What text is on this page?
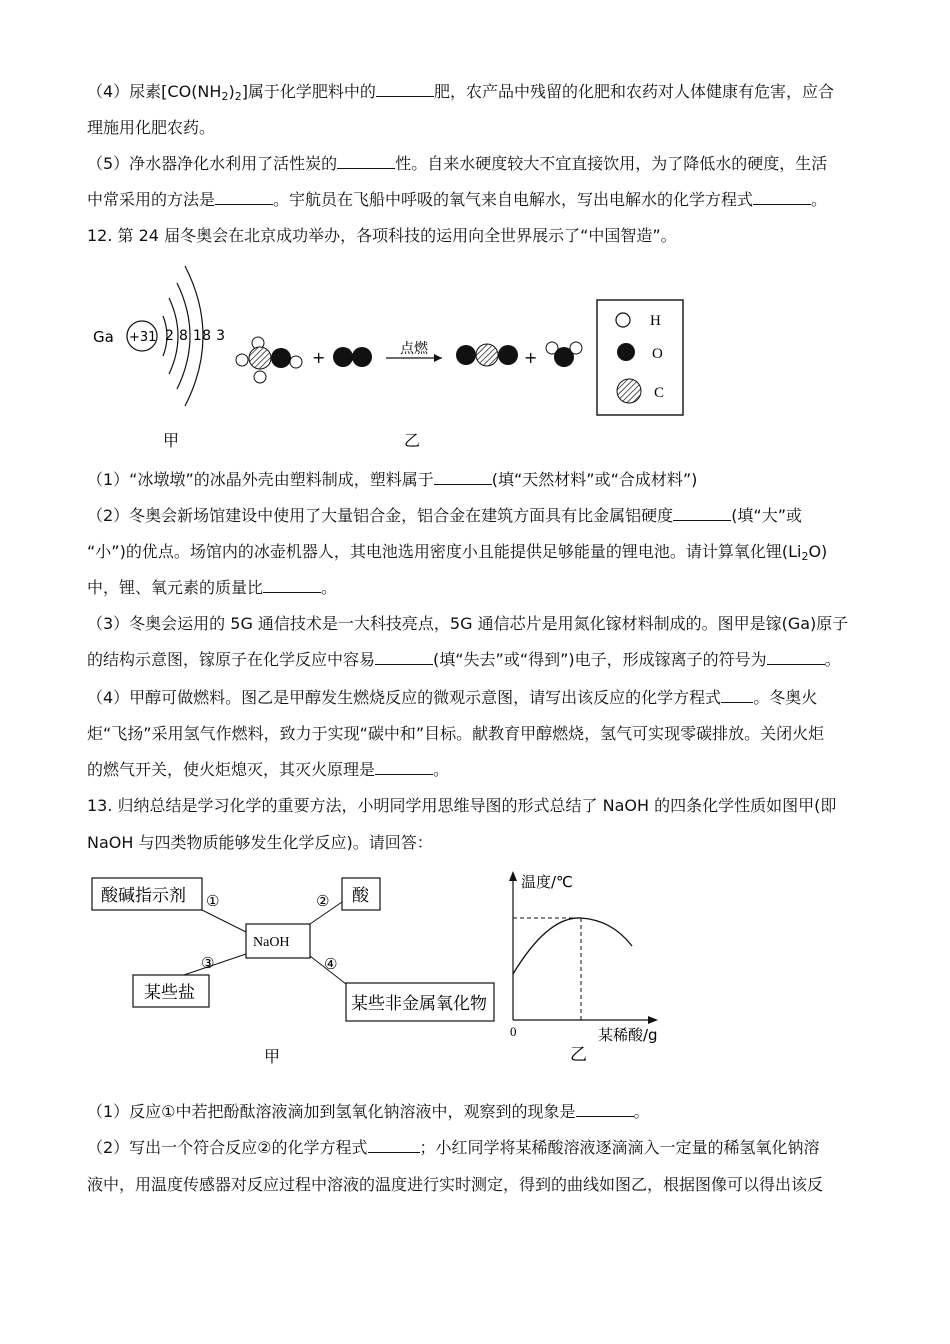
（4）尿素$[CO(NH_2)_2]$属于化学肥料中的	肥，农产品中残留的化肥和农药对人体健康有危害，应合
理施用化肥农药。
（5）净水器净化水利用了活性炭的	性。自来水硬度较大不宜直接饮用，为了降低水的硬度，生活
中常采用的方法是	。宇航员在飞船中呼吸的氧气来自电解水，写出电解水的化学方程式	。
12. 第 24 届冬奥会在北京成功举办，各项科技的运用向全世界展示了“中国智造”。
Ga +31 2 8 18 3
甲
+	点燃	+
H
O
C
乙
（1）“冰墩墩”的冰晶外壳由塑料制成，塑料属于	(填“天然材料”或“合成材料”)
（2）冬奥会新场馆建设中使用了大量铝合金，铝合金在建筑方面具有比金属铝硬度	(填“大”或
“小”)的优点。场馆内的冰壶机器人，其电池选用密度小且能提供足够能量的锂电池。请计算氧化锂$(Li_2O)$
中，锂、氧元素的质量比	。
（3）冬奥会运用的 5G 通信技术是一大科技亮点，5G 通信芯片是用氮化镓材料制成的。图甲是镓(Ga)原子
的结构示意图，镓原子在化学反应中容易	(填“失去”或“得到”)电子，形成镓离子的符号为	。
（4）甲醇可做燃料。图乙是甲醇发生燃烧反应的微观示意图，请写出该反应的化学方程式 。冬奥火
炬“飞扬”采用氢气作燃料，致力于实现“碳中和”目标。献教育甲醇燃烧，氢气可实现零碳排放。关闭火炬
的燃气开关，使火炬熄灭，其灭火原理是	。
13. 归纳总结是学习化学的重要方法，小明同学用思维导图的形式总结了 NaOH 的四条化学性质如图甲(即
NaOH 与四类物质能够发生化学反应)。请回答：
酸碱指示剂	酸
NaOH
某些盐
某些非金属氧化物
①	②
③	④
甲
温度/℃
0	某稀酸/g
乙
（1）反应①中若把酚酞溶液滴加到氢氧化钠溶液中，观察到的现象是	。
（2）写出一个符合反应②的化学方程式	；小红同学将某稀酸溶液逐滴滴入一定量的稀氢氧化钠溶
液中，用温度传感器对反应过程中溶液的温度进行实时测定，得到的曲线如图乙，根据图像可以得出该反
